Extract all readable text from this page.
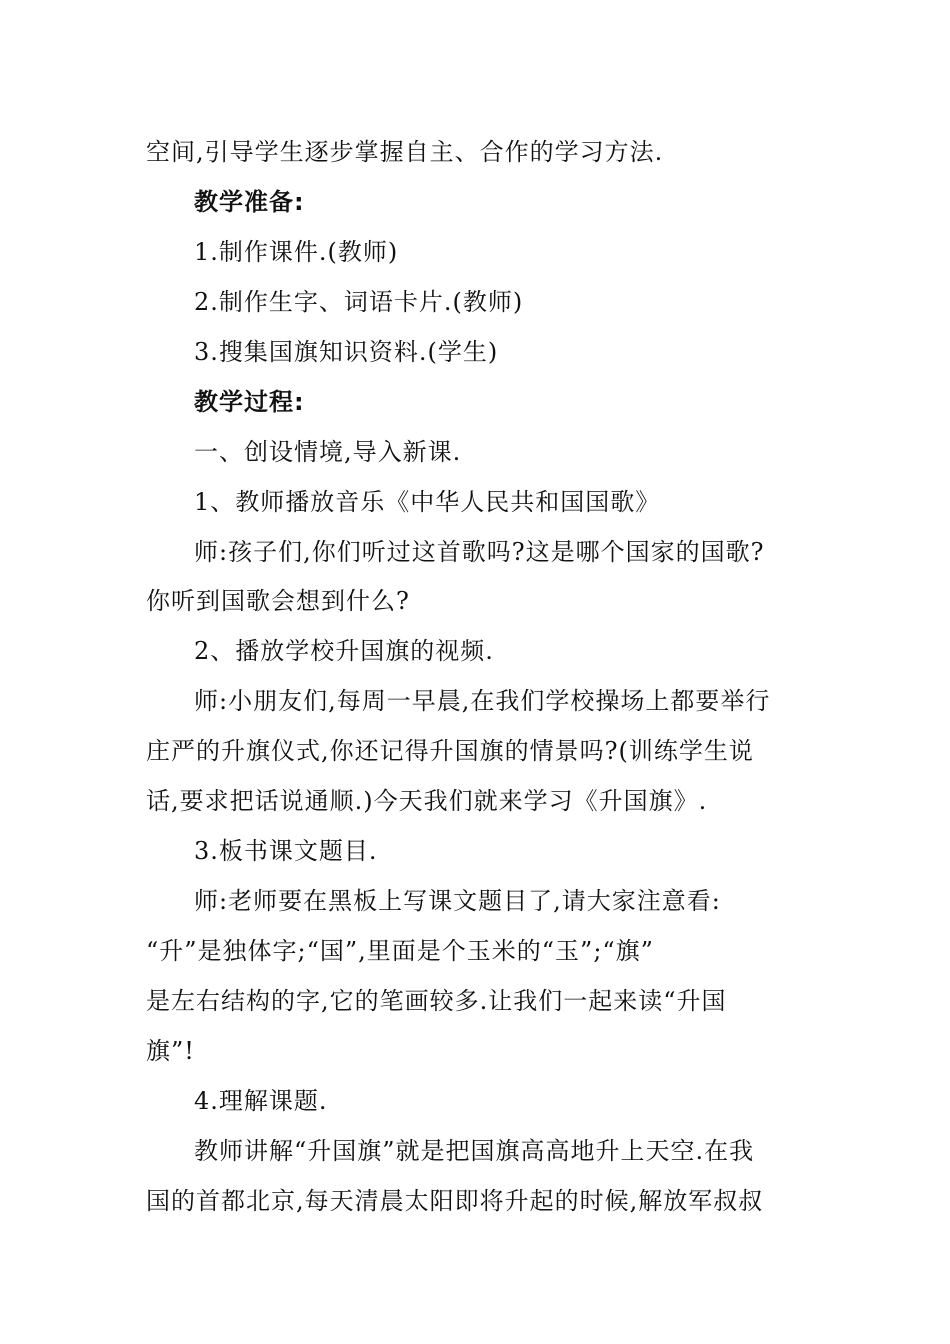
空间,引导学生逐步掌握自主、合作的学习方法.
教学准备:
1.制作课件.(教师)
2.制作生字、词语卡片.(教师)
3.搜集国旗知识资料.(学生)
教学过程:
一、创设情境,导入新课.
1、教师播放音乐《中华人民共和国国歌》
师:孩子们,你们听过这首歌吗?这是哪个国家的国歌?
你听到国歌会想到什么?
2、播放学校升国旗的视频.
师:小朋友们,每周一早晨,在我们学校操场上都要举行
庄严的升旗仪式,你还记得升国旗的情景吗?(训练学生说
话,要求把话说通顺.)今天我们就来学习《升国旗》.
3.板书课文题目.
师:老师要在黑板上写课文题目了,请大家注意看:
“升”是独体字;“国”,里面是个玉米的“玉”;“旗”
是左右结构的字,它的笔画较多.让我们一起来读“升国
旗”!
4.理解课题.
教师讲解“升国旗”就是把国旗高高地升上天空.在我
国的首都北京,每天清晨太阳即将升起的时候,解放军叔叔
